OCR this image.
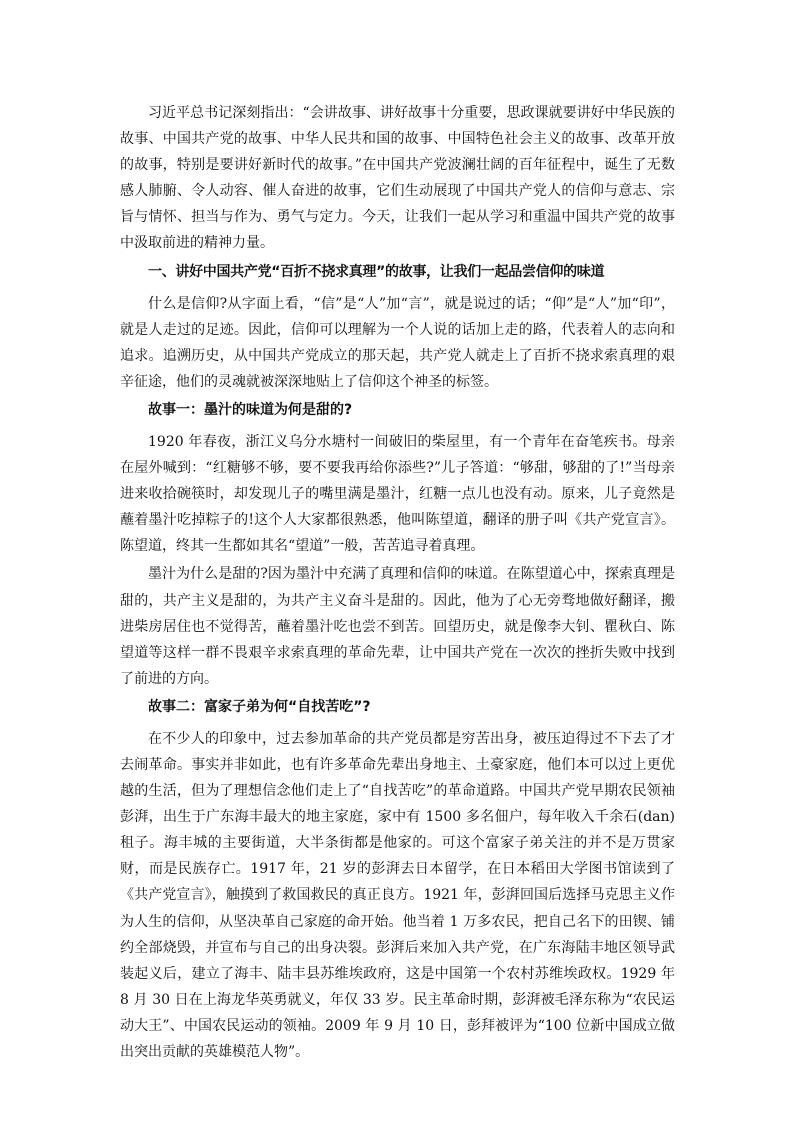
习近平总书记深刻指出：“会讲故事、讲好故事十分重要，思政课就要讲好中华民族的故事、中国共产党的故事、中华人民共和国的故事、中国特色社会主义的故事、改革开放的故事，特别是要讲好新时代的故事。”在中国共产党波澜壮阔的百年征程中，诞生了无数感人肺腑、令人动容、催人奋进的故事，它们生动展现了中国共产党人的信仰与意志、宗旨与情怀、担当与作为、勇气与定力。今天，让我们一起从学习和重温中国共产党的故事中汲取前进的精神力量。

一、讲好中国共产党“百折不挠求真理”的故事，让我们一起品尝信仰的味道

什么是信仰?从字面上看，“信”是“人”加“言”，就是说过的话；“仰”是“人”加“印”，就是人走过的足迹。因此，信仰可以理解为一个人说的话加上走的路，代表着人的志向和追求。追溯历史，从中国共产党成立的那天起，共产党人就走上了百折不挠求索真理的艰辛征途，他们的灵魂就被深深地贴上了信仰这个神圣的标签。

故事一：墨汁的味道为何是甜的?

1920 年春夜，浙江义乌分水塘村一间破旧的柴屋里，有一个青年在奋笔疾书。母亲在屋外喊到：“红糖够不够，要不要我再给你添些?”儿子答道：“够甜，够甜的了!”当母亲进来收拾碗筷时，却发现儿子的嘴里满是墨汁，红糖一点儿也没有动。原来，儿子竟然是蘸着墨汁吃掉粽子的!这个人大家都很熟悉，他叫陈望道，翻译的册子叫《共产党宣言》。陈望道，终其一生都如其名“望道”一般，苦苦追寻着真理。

墨汁为什么是甜的?因为墨汁中充满了真理和信仰的味道。在陈望道心中，探索真理是甜的，共产主义是甜的，为共产主义奋斗是甜的。因此，他为了心无旁骛地做好翻译，搬进柴房居住也不觉得苦，蘸着墨汁吃也尝不到苦。回望历史，就是像李大钊、瞿秋白、陈望道等这样一群不畏艰辛求索真理的革命先辈，让中国共产党在一次次的挫折失败中找到了前进的方向。

故事二：富家子弟为何“自找苦吃”?

在不少人的印象中，过去参加革命的共产党员都是穷苦出身，被压迫得过不下去了才去闹革命。事实并非如此，也有许多革命先辈出身地主、土豪家庭，他们本可以过上更优越的生活，但为了理想信念他们走上了“自找苦吃”的革命道路。中国共产党早期农民领袖彭湃，出生于广东海丰最大的地主家庭，家中有 1500 多名佃户，每年收入千余石(dan)租子。海丰城的主要街道，大半条街都是他家的。可这个富家子弟关注的并不是万贯家财，而是民族存亡。1917 年，21 岁的彭湃去日本留学，在日本稻田大学图书馆读到了《共产党宣言》，触摸到了救国救民的真正良方。1921 年，彭湃回国后选择马克思主义作为人生的信仰，从坚决革自己家庭的命开始。他当着 1 万多农民，把自己名下的田锲、铺约全部烧毁，并宣布与自己的出身决裂。彭湃后来加入共产党，在广东海陆丰地区领导武装起义后，建立了海丰、陆丰县苏维埃政府，这是中国第一个农村苏维埃政权。1929 年 8 月 30 日在上海龙华英勇就义，年仅 33 岁。民主革命时期，彭湃被毛泽东称为“农民运动大王”、中国农民运动的领袖。2009 年 9 月 10 日，彭拜被评为“100 位新中国成立做出突出贡献的英雄模范人物”。
